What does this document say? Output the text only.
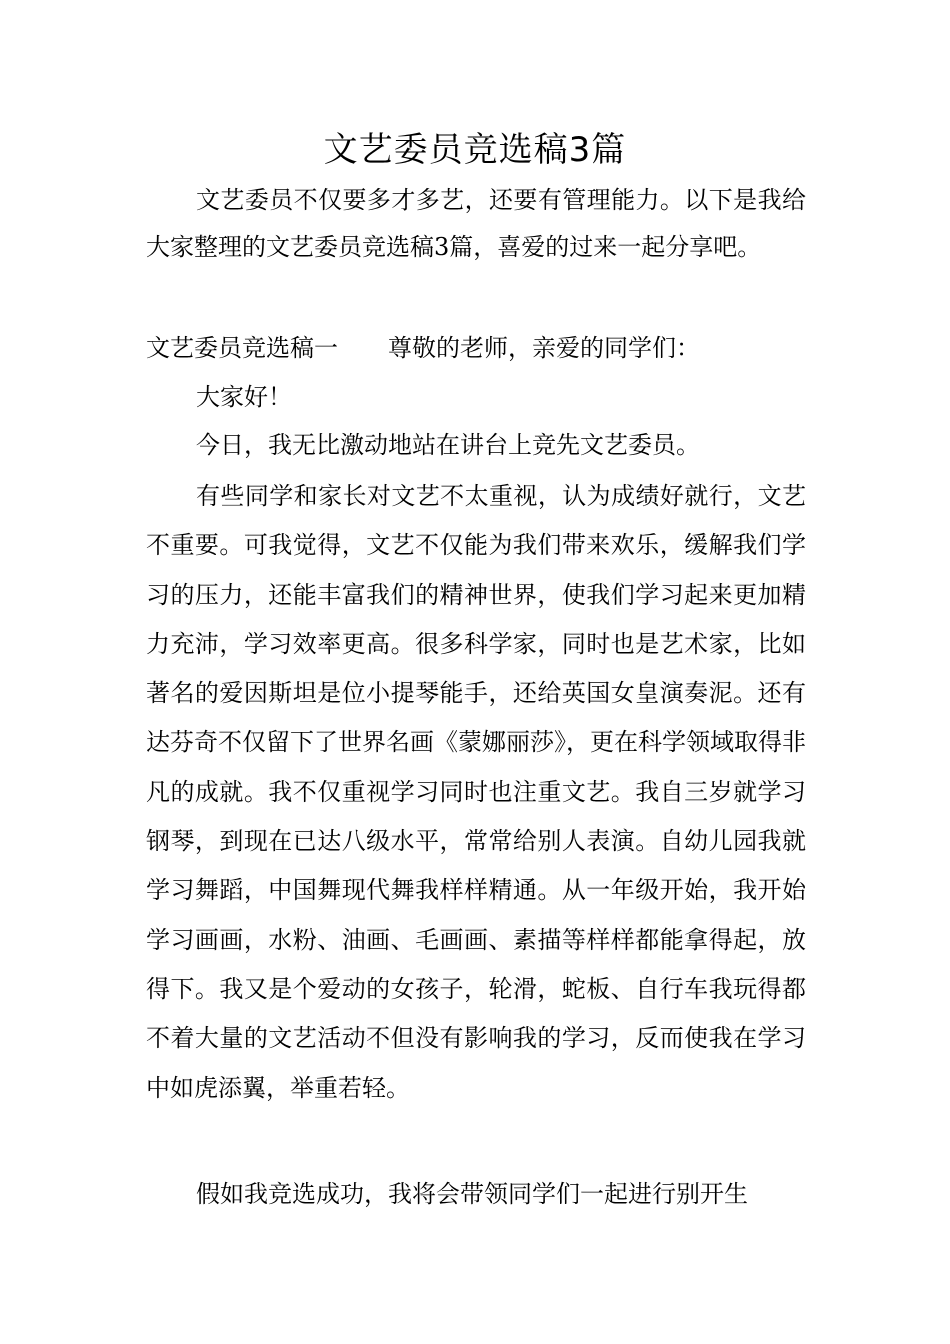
文艺委员竞选稿3篇

文艺委员不仅要多才多艺，还要有管理能力。以下是我给大家整理的文艺委员竞选稿3篇，喜爱的过来一起分享吧。

文艺委员竞选稿一 尊敬的老师，亲爱的同学们：

大家好！

今日，我无比激动地站在讲台上竞先文艺委员。

有些同学和家长对文艺不太重视，认为成绩好就行，文艺不重要。可我觉得，文艺不仅能为我们带来欢乐，缓解我们学习的压力，还能丰富我们的精神世界，使我们学习起来更加精力充沛，学习效率更高。很多科学家，同时也是艺术家，比如著名的爱因斯坦是位小提琴能手，还给英国女皇演奏泥。还有达芬奇不仅留下了世界名画《蒙娜丽莎》，更在科学领域取得非凡的成就。我不仅重视学习同时也注重文艺。我自三岁就学习钢琴，到现在已达八级水平，常常给别人表演。自幼儿园我就学习舞蹈，中国舞现代舞我样样精通。从一年级开始，我开始学习画画，水粉、油画、毛画画、素描等样样都能拿得起，放得下。我又是个爱动的女孩子，轮滑，蛇板、自行车我玩得都不着大量的文艺活动不但没有影响我的学习，反而使我在学习中如虎添翼，举重若轻。

假如我竞选成功，我将会带领同学们一起进行别开生
